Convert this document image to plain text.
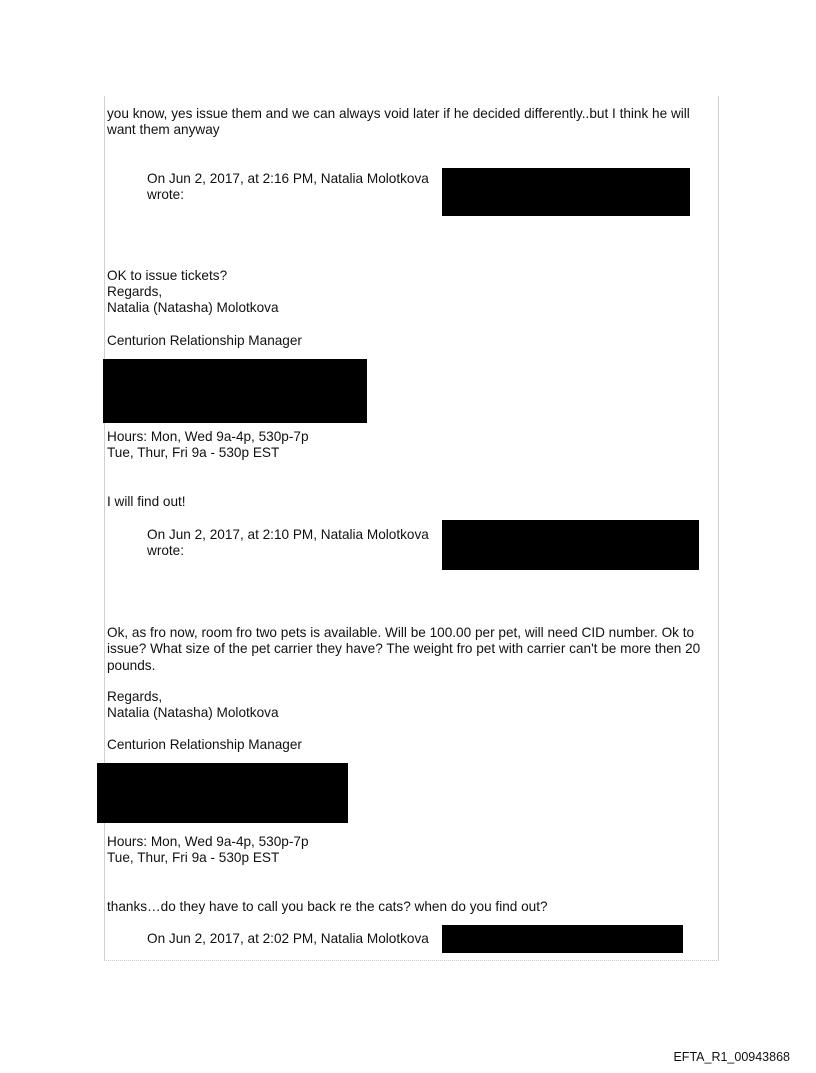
you know, yes issue them and we can always void later if he decided differently..but I think he will want them anyway

On Jun 2, 2017, at 2:16 PM, Natalia Molotkova

wrote:

OK to issue tickets?

Regards,

Natalia (Natasha) Molotkova

Centurion Relationship Manager

Hours: Mon, Wed 9a-4p, 530p-7p

Tue, Thur, Fri 9a - 530p EST

I will find out!

On Jun 2, 2017, at 2:10 PM, Natalia Molotkova

wrote:

Ok, as fro now, room fro two pets is available. Will be 100.00 per pet, will need CID number. Ok to issue? What size of the pet carrier they have? The weight fro pet with carrier can't be more then 20 pounds.

Regards,

Natalia (Natasha) Molotkova

Centurion Relationship Manager

Hours: Mon, Wed 9a-4p, 530p-7p

Tue, Thur, Fri 9a - 530p EST

thanks…do they have to call you back re the cats? when do you find out?

On Jun 2, 2017, at 2:02 PM, Natalia Molotkova

EFTA_R1_00943868
